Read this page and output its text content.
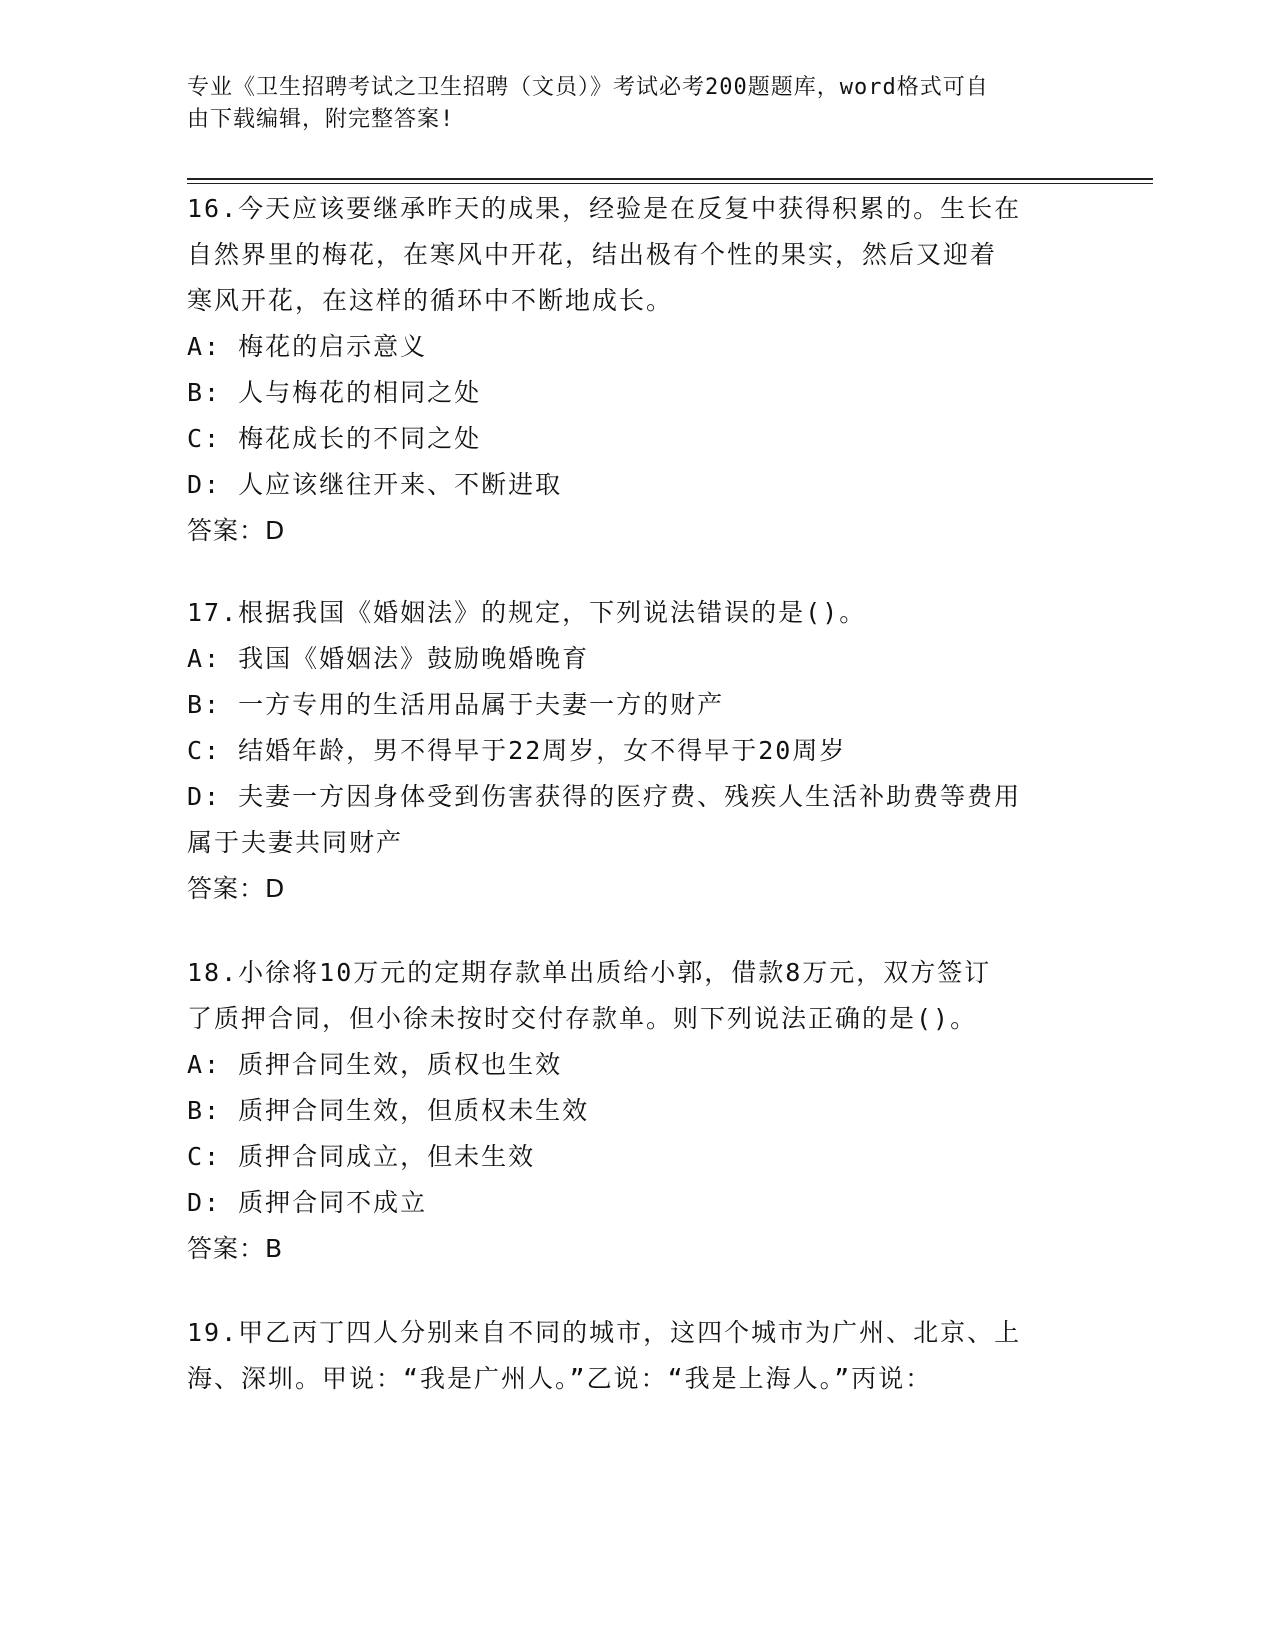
专业《卫生招聘考试之卫生招聘（文员）》考试必考200题题库，word格式可自

由下载编辑，附完整答案!

16.今天应该要继承昨天的成果，经验是在反复中获得积累的。生长在

自然界里的梅花，在寒风中开花，结出极有个性的果实，然后又迎着

寒风开花，在这样的循环中不断地成长。

A: 梅花的启示意义

B: 人与梅花的相同之处

C: 梅花成长的不同之处

D: 人应该继往开来、不断进取

答案：D

17.根据我国《婚姻法》的规定，下列说法错误的是()。

A: 我国《婚姻法》鼓励晚婚晚育

B: 一方专用的生活用品属于夫妻一方的财产

C: 结婚年龄，男不得早于22周岁，女不得早于20周岁

D: 夫妻一方因身体受到伤害获得的医疗费、残疾人生活补助费等费用

属于夫妻共同财产

答案：D

18.小徐将10万元的定期存款单出质给小郭，借款8万元，双方签订

了质押合同，但小徐未按时交付存款单。则下列说法正确的是()。

A: 质押合同生效，质权也生效

B: 质押合同生效，但质权未生效

C: 质押合同成立，但未生效

D: 质押合同不成立

答案：B

19.甲乙丙丁四人分别来自不同的城市，这四个城市为广州、北京、上

海、深圳。甲说：“我是广州人。”乙说：“我是上海人。”丙说：
